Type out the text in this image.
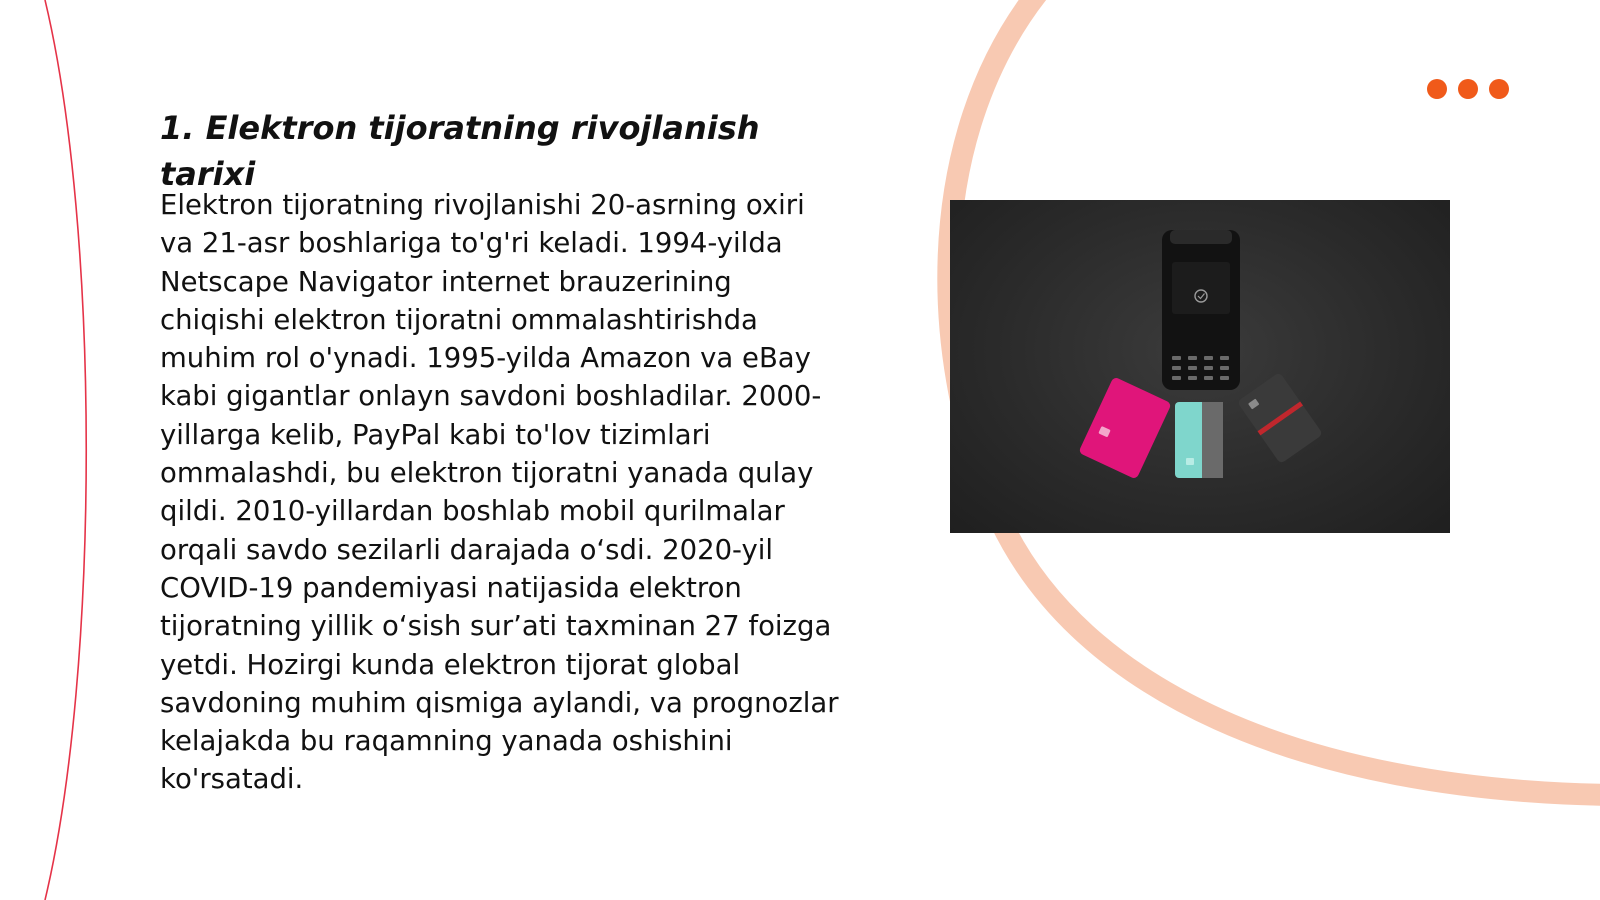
1. Elektron tijoratning rivojlanish tarixi

Elektron tijoratning rivojlanishi 20-asrning oxiri va 21-asr boshlariga to'g'ri keladi. 1994-yilda Netscape Navigator internet brauzerining chiqishi elektron tijoratni ommalashtirishda muhim rol o'ynadi. 1995-yilda Amazon va eBay kabi gigantlar onlayn savdoni boshladilar. 2000-yillarga kelib, PayPal kabi to'lov tizimlari ommalashdi, bu elektron tijoratni yanada qulay qildi. 2010-yillardan boshlab mobil qurilmalar orqali savdo sezilarli darajada o‘sdi. 2020-yil COVID-19 pandemiyasi natijasida elektron tijoratning yillik o‘sish sur’ati taxminan 27 foizga yetdi. Hozirgi kunda elektron tijorat global savdoning muhim qismiga aylandi, va prognozlar kelajakda bu raqamning yanada oshishini ko'rsatadi.
